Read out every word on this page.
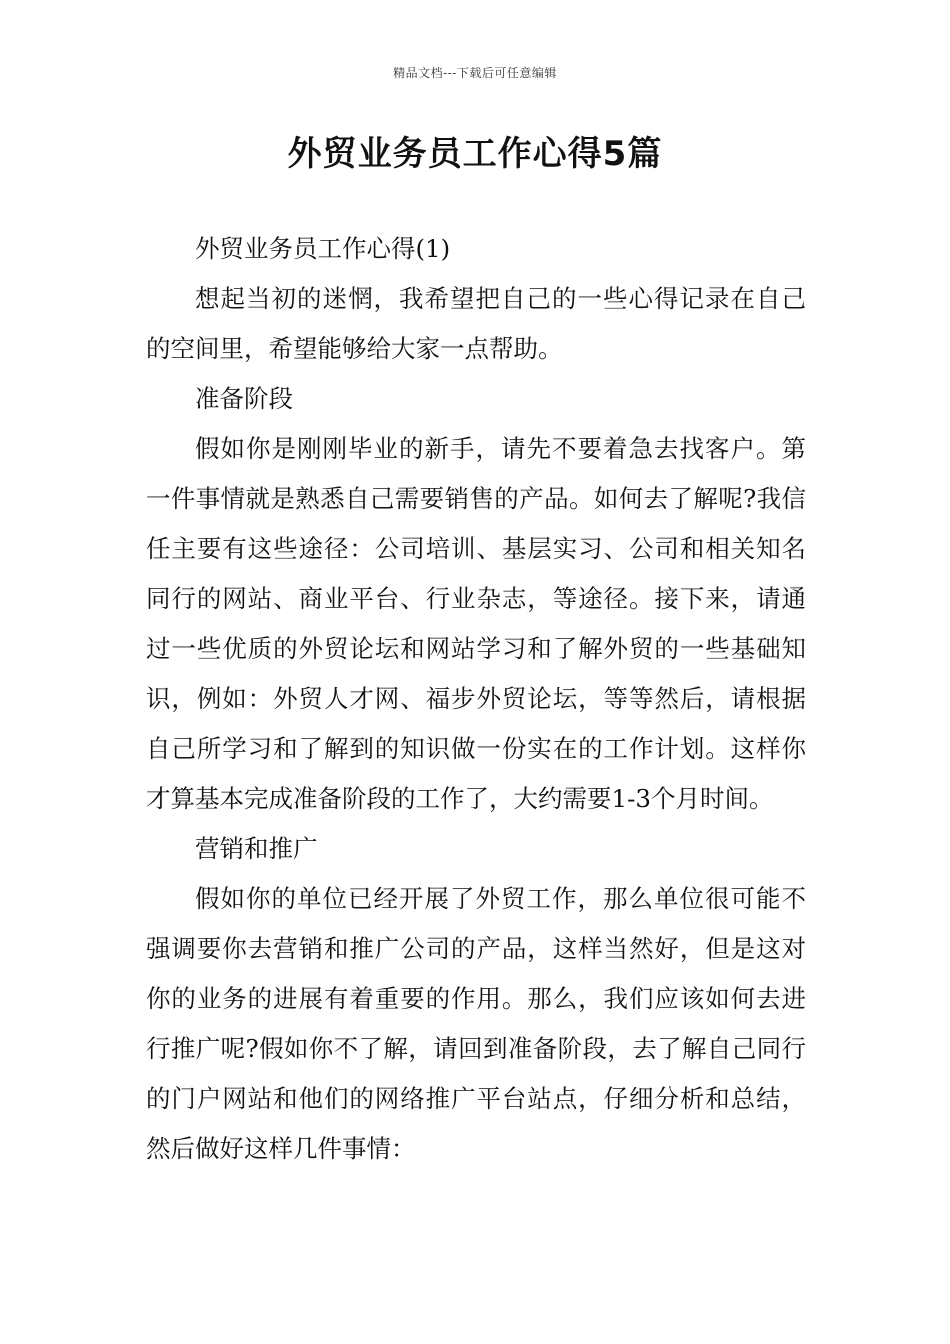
精品文档---下载后可任意编辑
外贸业务员工作心得5篇

外贸业务员工作心得(1)

想起当初的迷惘，我希望把自己的一些心得记录在自己的空间里，希望能够给大家一点帮助。

准备阶段

假如你是刚刚毕业的新手，请先不要着急去找客户。第一件事情就是熟悉自己需要销售的产品。如何去了解呢?我信任主要有这些途径：公司培训、基层实习、公司和相关知名同行的网站、商业平台、行业杂志，等途径。接下来，请通过一些优质的外贸论坛和网站学习和了解外贸的一些基础知识，例如：外贸人才网、福步外贸论坛，等等然后，请根据自己所学习和了解到的知识做一份实在的工作计划。这样你才算基本完成准备阶段的工作了，大约需要1-3个月时间。

营销和推广

假如你的单位已经开展了外贸工作，那么单位很可能不强调要你去营销和推广公司的产品，这样当然好，但是这对你的业务的进展有着重要的作用。那么，我们应该如何去进行推广呢?假如你不了解，请回到准备阶段，去了解自己同行的门户网站和他们的网络推广平台站点，仔细分析和总结，然后做好这样几件事情：
